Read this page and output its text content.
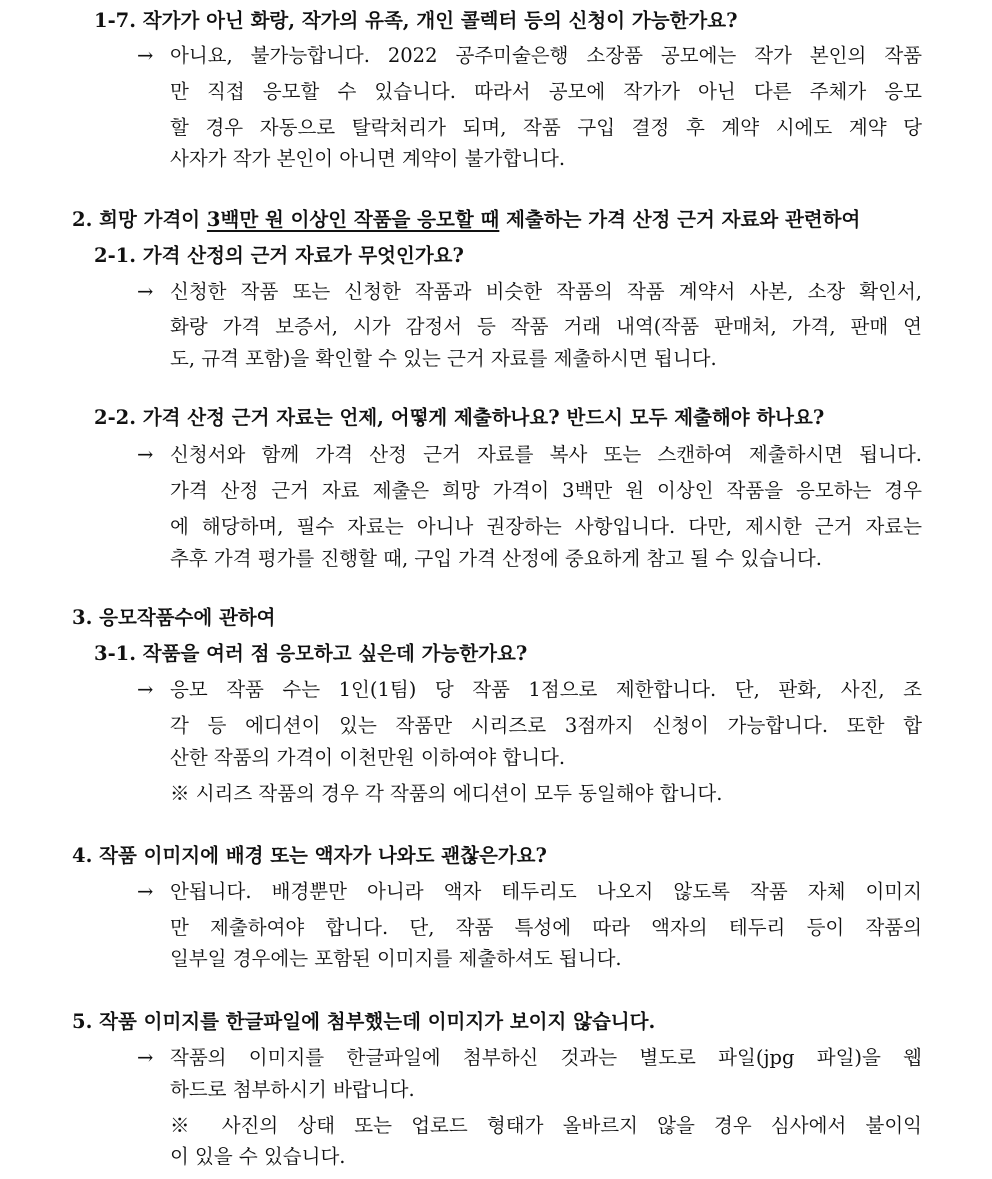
1-7. 작가가 아닌 화랑, 작가의 유족, 개인 콜렉터 등의 신청이 가능한가요?
→ 아니요, 불가능합니다. 2022 공주미술은행 소장품 공모에는 작가 본인의 작품
만 직접 응모할 수 있습니다. 따라서 공모에 작가가 아닌 다른 주체가 응모
할 경우 자동으로 탈락처리가 되며, 작품 구입 결정 후 계약 시에도 계약 당
사자가 작가 본인이 아니면 계약이 불가합니다.
2. 희망 가격이 3백만 원 이상인 작품을 응모할 때 제출하는 가격 산정 근거 자료와 관련하여
2-1. 가격 산정의 근거 자료가 무엇인가요?
→ 신청한 작품 또는 신청한 작품과 비슷한 작품의 작품 계약서 사본, 소장 확인서,
화랑 가격 보증서, 시가 감정서 등 작품 거래 내역(작품 판매처, 가격, 판매 연
도, 규격 포함)을 확인할 수 있는 근거 자료를 제출하시면 됩니다.
2-2. 가격 산정 근거 자료는 언제, 어떻게 제출하나요? 반드시 모두 제출해야 하나요?
→ 신청서와 함께 가격 산정 근거 자료를 복사 또는 스캔하여 제출하시면 됩니다.
가격 산정 근거 자료 제출은 희망 가격이 3백만 원 이상인 작품을 응모하는 경우
에 해당하며, 필수 자료는 아니나 권장하는 사항입니다. 다만, 제시한 근거 자료는
추후 가격 평가를 진행할 때, 구입 가격 산정에 중요하게 참고 될 수 있습니다.
3. 응모작품수에 관하여
3-1. 작품을 여러 점 응모하고 싶은데 가능한가요?
→ 응모 작품 수는 1인(1팀) 당 작품 1점으로 제한합니다. 단, 판화, 사진, 조
각 등 에디션이 있는 작품만 시리즈로 3점까지 신청이 가능합니다. 또한 합
산한 작품의 가격이 이천만원 이하여야 합니다.
※ 시리즈 작품의 경우 각 작품의 에디션이 모두 동일해야 합니다.
4. 작품 이미지에 배경 또는 액자가 나와도 괜찮은가요?
→ 안됩니다. 배경뿐만 아니라 액자 테두리도 나오지 않도록 작품 자체 이미지
만 제출하여야 합니다. 단, 작품 특성에 따라 액자의 테두리 등이 작품의
일부일 경우에는 포함된 이미지를 제출하셔도 됩니다.
5. 작품 이미지를 한글파일에 첨부했는데 이미지가 보이지 않습니다.
→ 작품의 이미지를 한글파일에 첨부하신 것과는 별도로 파일(jpg 파일)을 웹
하드로 첨부하시기 바랍니다.
※ 사진의 상태 또는 업로드 형태가 올바르지 않을 경우 심사에서 불이익
이 있을 수 있습니다.
